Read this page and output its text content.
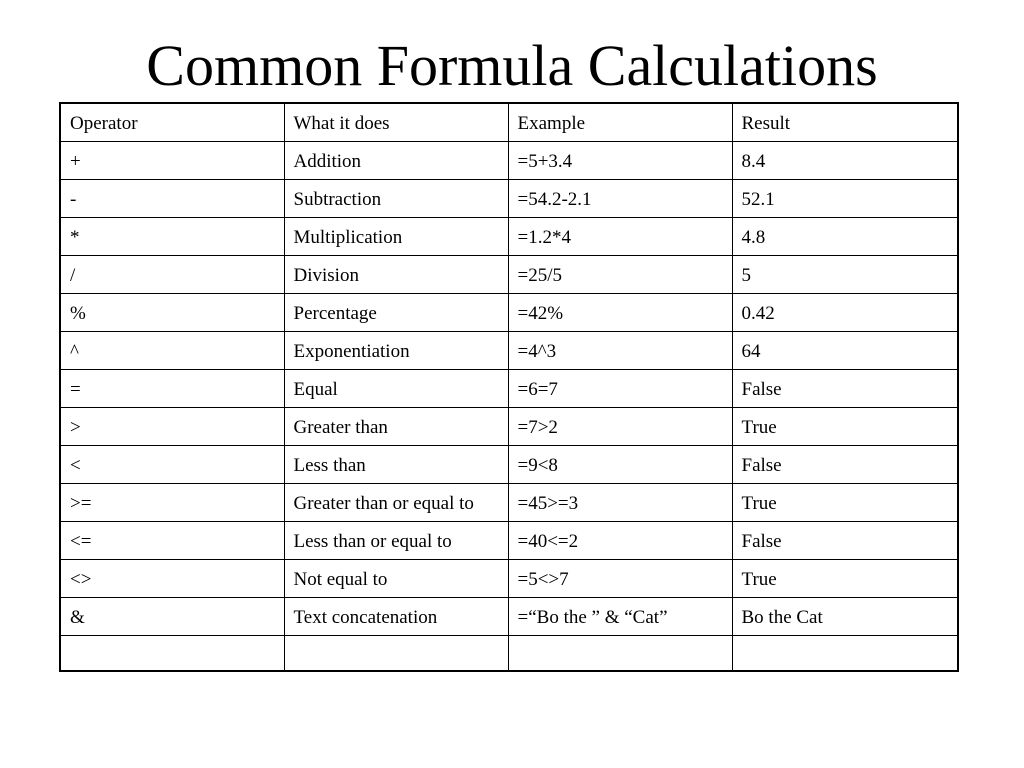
Common Formula Calculations
Operator	What it does	Example	Result
+	Addition	=5+3.4	8.4
-	Subtraction	=54.2-2.1	52.1
*	Multiplication	=1.2*4	4.8
/	Division	=25/5	5
%	Percentage	=42%	0.42
^	Exponentiation	=4^3	64
=	Equal	=6=7	False
>	Greater than	=7>2	True
<	Less than	=9<8	False
>=	Greater than or equal to	=45>=3	True
<=	Less than or equal to	=40<=2	False
<>	Not equal to	=5<>7	True
&	Text concatenation	=“Bo the ” & “Cat”	Bo the Cat
